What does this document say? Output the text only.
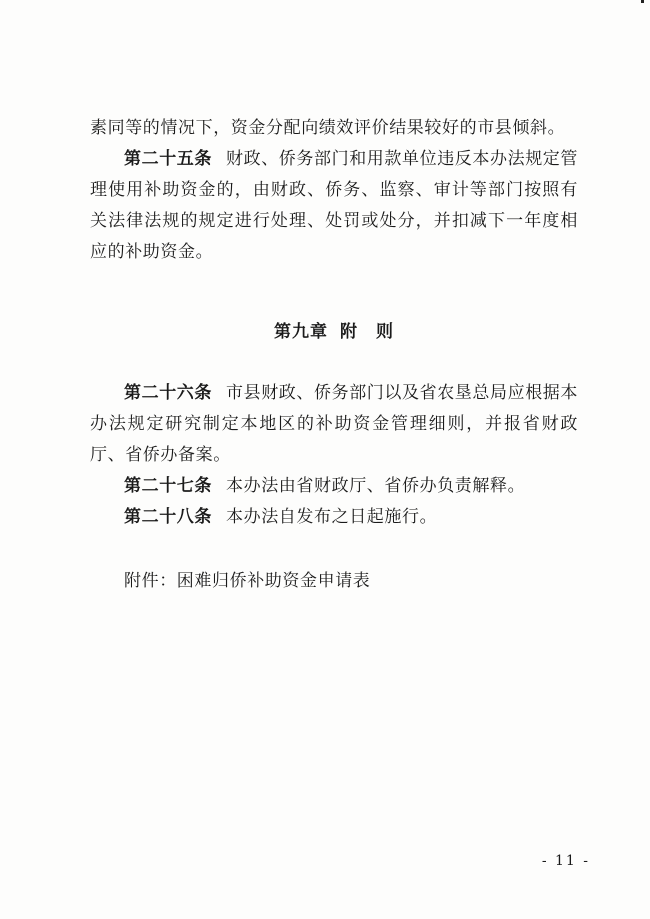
素同等的情况下，资金分配向绩效评价结果较好的市县倾斜。

第二十五条 财政、侨务部门和用款单位违反本办法规定管理使用补助资金的，由财政、侨务、监察、审计等部门按照有关法律法规的规定进行处理、处罚或处分，并扣减下一年度相应的补助资金。

第九章 附　则

第二十六条 市县财政、侨务部门以及省农垦总局应根据本办法规定研究制定本地区的补助资金管理细则，并报省财政厅、省侨办备案。

第二十七条 本办法由省财政厅、省侨办负责解释。

第二十八条 本办法自发布之日起施行。

附件：困难归侨补助资金申请表

- 11 -
